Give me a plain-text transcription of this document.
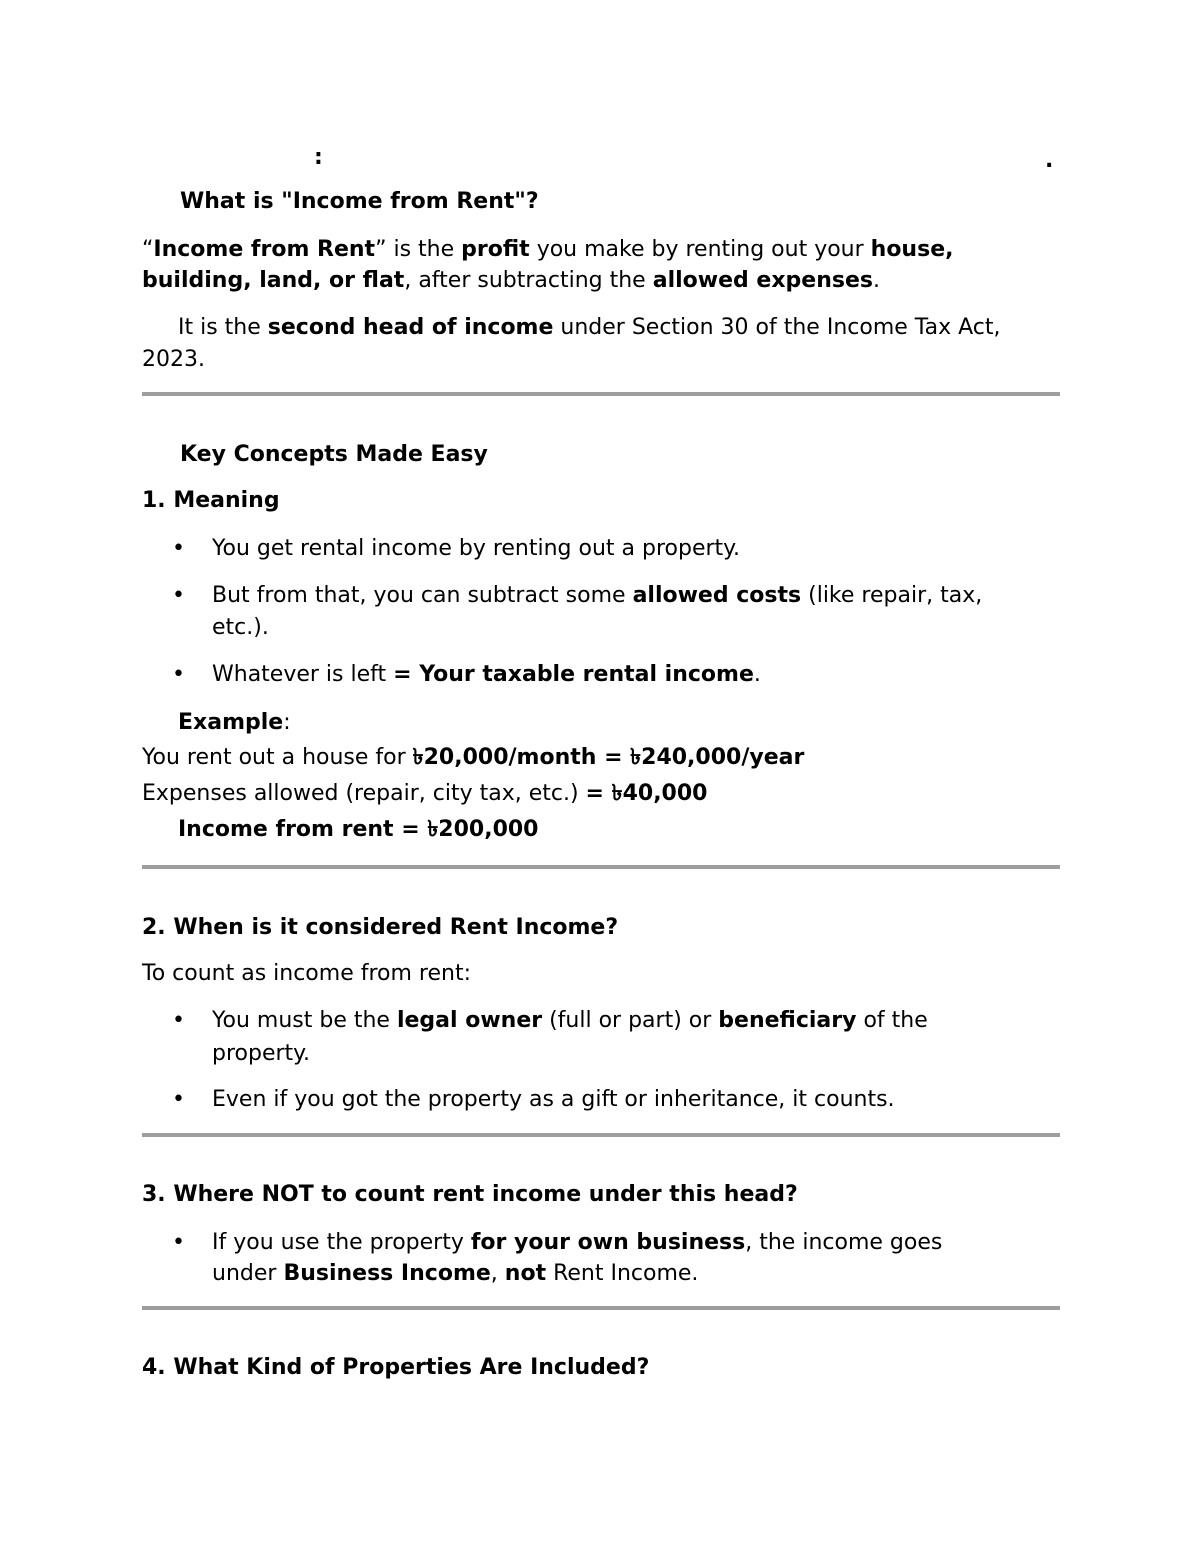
:	.
What is "Income from Rent"?
“Income from Rent” is the profit you make by renting out your house,
building, land, or flat, after subtracting the allowed expenses.
It is the second head of income under Section 30 of the Income Tax Act,
2023.
Key Concepts Made Easy
1. Meaning
•	You get rental income by renting out a property.
•	But from that, you can subtract some allowed costs (like repair, tax,
etc.).
•	Whatever is left = Your taxable rental income.
Example:
You rent out a house for ৳20,000/month = ৳240,000/year
Expenses allowed (repair, city tax, etc.) = ৳40,000
Income from rent = ৳200,000
2. When is it considered Rent Income?
To count as income from rent:
•	You must be the legal owner (full or part) or beneficiary of the
property.
•	Even if you got the property as a gift or inheritance, it counts.
3. Where NOT to count rent income under this head?
•	If you use the property for your own business, the income goes
under Business Income, not Rent Income.
4. What Kind of Properties Are Included?
